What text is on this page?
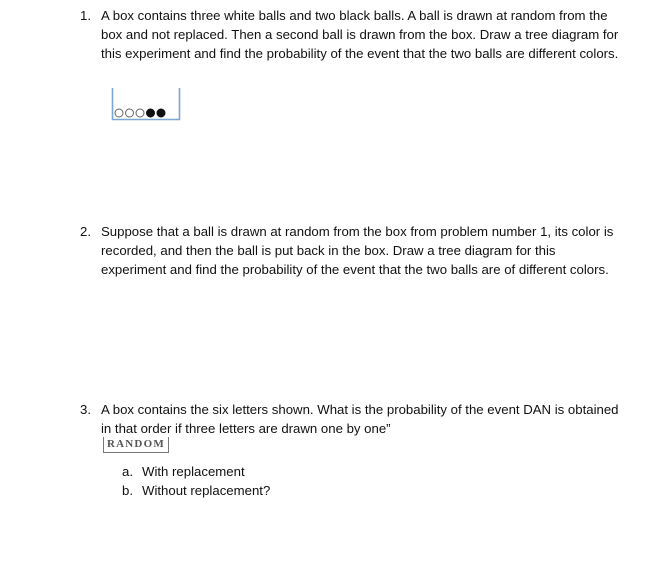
1. A box contains three white balls and two black balls. A ball is drawn at random from the box and not replaced. Then a second ball is drawn from the box. Draw a tree diagram for this experiment and find the probability of the event that the two balls are different colors.
2. Suppose that a ball is drawn at random from the box from problem number 1, its color is recorded, and then the ball is put back in the box. Draw a tree diagram for this experiment and find the probability of the event that the two balls are of different colors.
3. A box contains the six letters shown. What is the probability of the event DAN is obtained in that order if three letters are drawn one by one”
RANDOM
a. With replacement
b. Without replacement?
